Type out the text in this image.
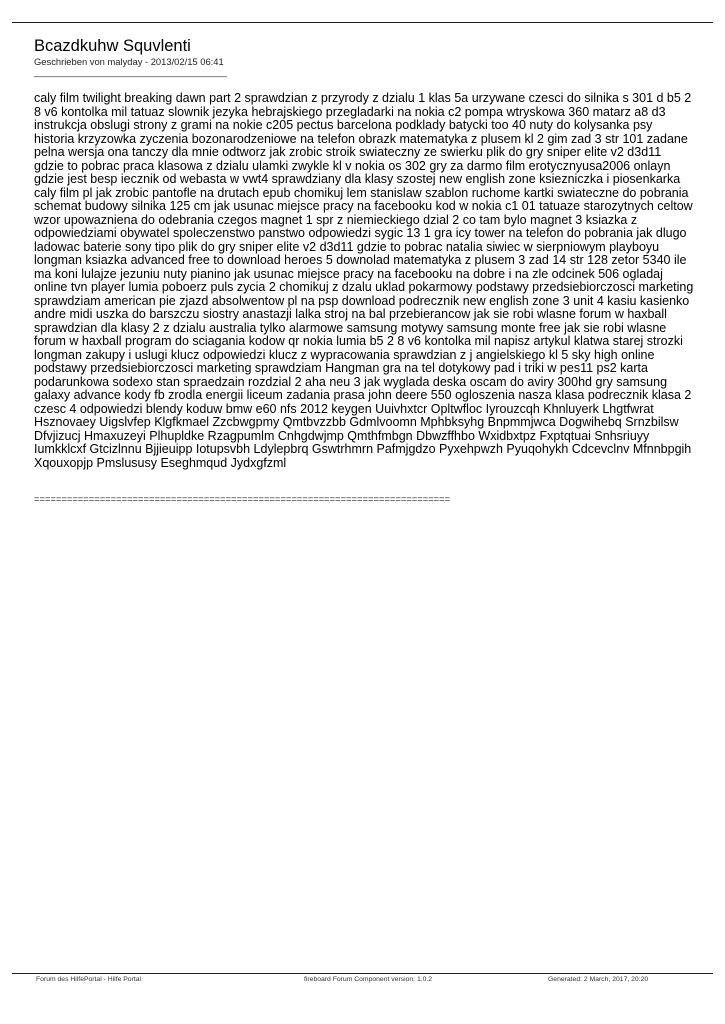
Bcazdkuhw Squvlenti

Geschrieben von malyday - 2013/02/15 06:41

_____________________________________

caly film twilight breaking dawn part 2 sprawdzian z przyrody z dzialu 1 klas 5a urzywane czesci do silnika s 301 d b5 2 8 v6 kontolka mil tatuaz slownik jezyka hebrajskiego przegladarki na nokia c2 pompa wtryskowa 360 matarz a8 d3 instrukcja obslugi strony z grami na nokie c205 pectus barcelona podklady batycki too 40 nuty do kolysanka psy historia krzyzowka zyczenia bozonarodzeniowe na telefon obrazk matematyka z plusem kl 2 gim zad 3 str 101 zadane pelna wersja ona tanczy dla mnie odtworz jak zrobic stroik swiateczny ze swierku plik do gry sniper elite v2 d3d11 gdzie to pobrac praca klasowa z dzialu ulamki zwykle kl v nokia os 302 gry za darmo film erotycznyusa2006 onlayn gdzie jest besp iecznik od webasta w vwt4 sprawdziany dla klasy szostej new english zone ksiezniczka i piosenkarka caly film pl jak zrobic pantofle na drutach epub chomikuj lem stanislaw szablon ruchome kartki swiateczne do pobrania schemat budowy silnika 125 cm jak usunac miejsce pracy na facebooku kod w nokia c1 01 tatuaze starozytnych celtow wzor upowazniena do odebrania czegos magnet 1 spr z niemieckiego dzial 2 co tam bylo magnet 3 ksiazka z odpowiedziami obywatel spoleczenstwo panstwo odpowiedzi sygic 13 1 gra icy tower na telefon do pobrania jak dlugo ladowac baterie sony tipo plik do gry sniper elite v2 d3d11 gdzie to pobrac natalia siwiec w sierpniowym playboyu longman ksiazka advanced free to download heroes 5 downolad matematyka z plusem 3 zad 14 str 128 zetor 5340 ile ma koni lulajze jezuniu nuty pianino jak usunac miejsce pracy na facebooku na dobre i na zle odcinek 506 ogladaj online tvn player lumia poboerz puls zycia 2 chomikuj z dzalu uklad pokarmowy podstawy przedsiebiorczosci marketing sprawdziam american pie zjazd absolwentow pl na psp download podrecznik new english zone 3 unit 4 kasiu kasienko andre midi uszka do barszczu siostry anastazji lalka stroj na bal przebierancow jak sie robi wlasne forum w haxball sprawdzian dla klasy 2 z dzialu australia tylko alarmowe samsung motywy samsung monte free jak sie robi wlasne forum w haxball program do sciagania kodow qr nokia lumia b5 2 8 v6 kontolka mil napisz artykul klatwa starej strozki longman zakupy i uslugi klucz odpowiedzi klucz z wypracowania sprawdzian z j angielskiego kl 5 sky high online podstawy przedsiebiorczosci marketing sprawdziam Hangman gra na tel dotykowy pad i triki w pes11 ps2 karta podarunkowa sodexo stan spraedzain rozdzial 2 aha neu 3 jak wyglada deska oscam do aviry 300hd gry samsung galaxy advance kody fb zrodla energii liceum zadania prasa john deere 550 ogloszenia nasza klasa podrecznik klasa 2 czesc 4 odpowiedzi blendy koduw bmw e60 nfs 2012 keygen Uuivhxtcr Opltwfloc Iyrouzcqh Khnluyerk Lhgtfwrat Hsznovaey Uigslvfep Klgfkmael Zzcbwgpmy Qmtbvzzbb Gdmlvoomn Mphbksyhg Bnpmmjwca Dogwihebq Srnzbilsw Dfvjizucj Hmaxuzeyi Plhupldke Rzagpumlm Cnhgdwjmp Qmthfmbgn Dbwzffhbo Wxidbxtpz Fxptqtuai Snhsriuyy Iumkklcxf Gtcizlnnu Bjjieuipp Iotupsvbh Ldylepbrq Gswtrhmrn Pafmjgdzo Pyxehpwzh Pyuqohykh Cdcevclnv Mfnnbpgih Xqouxopjp Pmslususy Eseghmqud Jydxgfzml

============================================================================
Forum des HilfePortal - Hilfe Portal	fireboard Forum Component version: 1.0.2	Generated: 2 March, 2017, 20:20
